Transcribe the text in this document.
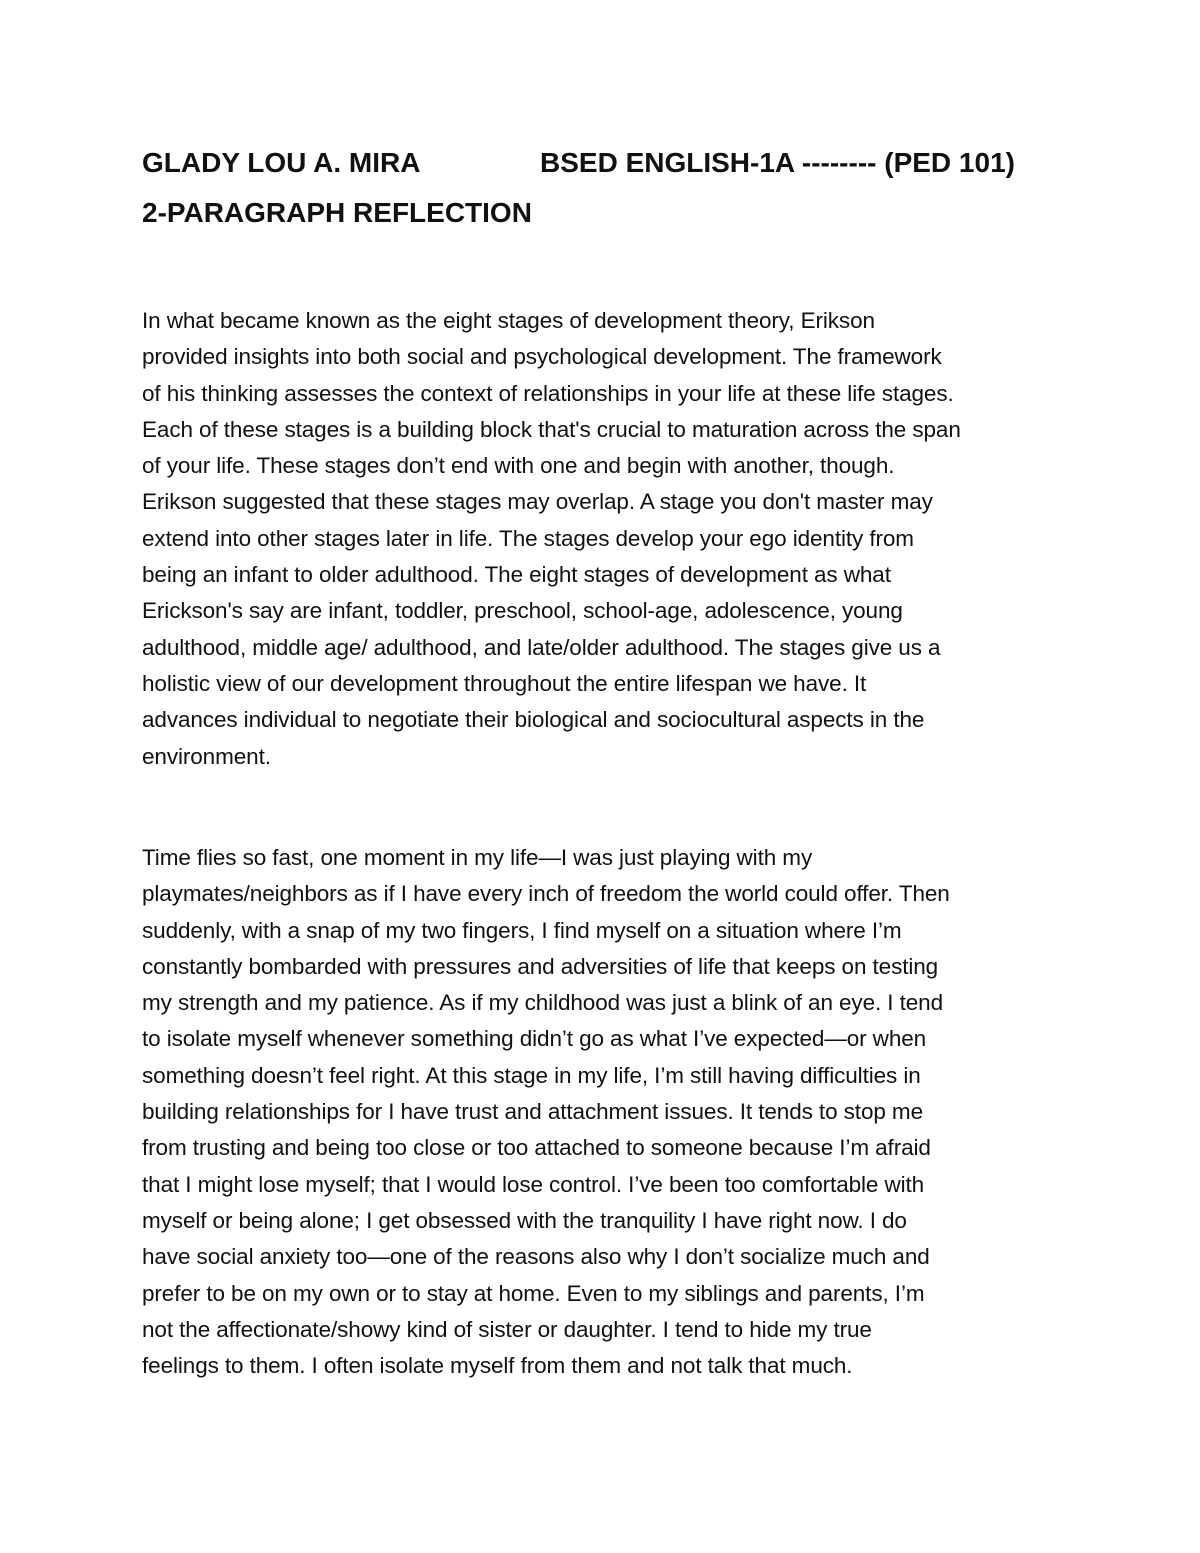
GLADY LOU A. MIRA	BSED ENGLISH-1A -------- (PED 101)
2-PARAGRAPH REFLECTION

In what became known as the eight stages of development theory, Erikson
provided insights into both social and psychological development. The framework
of his thinking assesses the context of relationships in your life at these life stages.
Each of these stages is a building block that's crucial to maturation across the span
of your life. These stages don’t end with one and begin with another, though.
Erikson suggested that these stages may overlap. A stage you don't master may
extend into other stages later in life. The stages develop your ego identity from
being an infant to older adulthood. The eight stages of development as what
Erickson's say are infant, toddler, preschool, school-age, adolescence, young
adulthood, middle age/ adulthood, and late/older adulthood. The stages give us a
holistic view of our development throughout the entire lifespan we have. It
advances individual to negotiate their biological and sociocultural aspects in the
environment.

Time flies so fast, one moment in my life—I was just playing with my
playmates/neighbors as if I have every inch of freedom the world could offer. Then
suddenly, with a snap of my two fingers, I find myself on a situation where I’m
constantly bombarded with pressures and adversities of life that keeps on testing
my strength and my patience. As if my childhood was just a blink of an eye. I tend
to isolate myself whenever something didn’t go as what I’ve expected—or when
something doesn’t feel right. At this stage in my life, I’m still having difficulties in
building relationships for I have trust and attachment issues. It tends to stop me
from trusting and being too close or too attached to someone because I’m afraid
that I might lose myself; that I would lose control. I’ve been too comfortable with
myself or being alone; I get obsessed with the tranquility I have right now. I do
have social anxiety too—one of the reasons also why I don’t socialize much and
prefer to be on my own or to stay at home. Even to my siblings and parents, I’m
not the affectionate/showy kind of sister or daughter. I tend to hide my true
feelings to them. I often isolate myself from them and not talk that much.
